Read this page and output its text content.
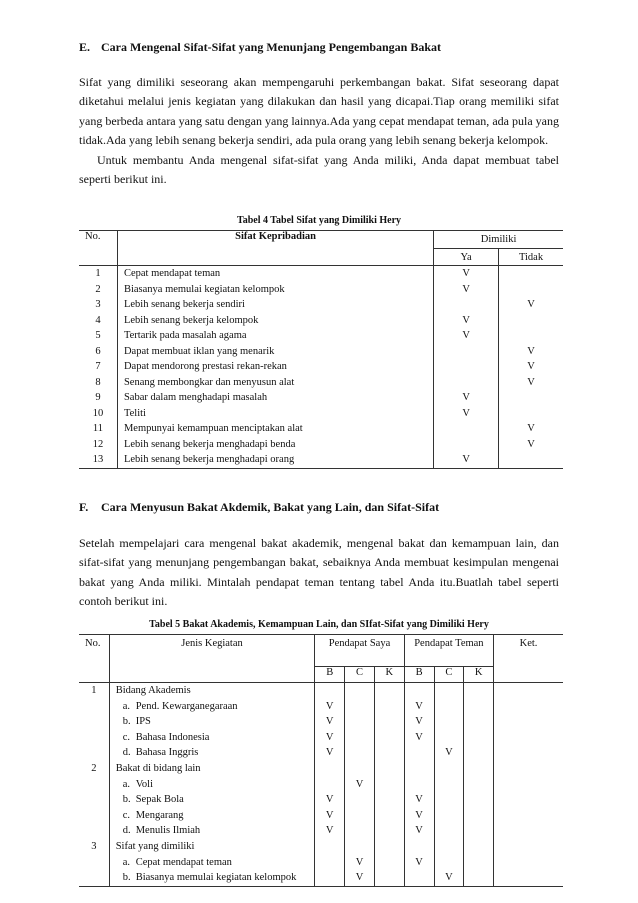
E. Cara Mengenal Sifat-Sifat yang Menunjang Pengembangan Bakat

Sifat yang dimiliki seseorang akan mempengaruhi perkembangan bakat. Sifat seseorang dapat diketahui melalui jenis kegiatan yang dilakukan dan hasil yang dicapai.Tiap orang memiliki sifat yang berbeda antara yang satu dengan yang lainnya.Ada yang cepat mendapat teman, ada pula yang tidak.Ada yang lebih senang bekerja sendiri, ada pula orang yang lebih senang bekerja kelompok.

Untuk membantu Anda mengenal sifat-sifat yang Anda miliki, Anda dapat membuat tabel seperti berikut ini.

Tabel 4 Tabel Sifat yang Dimiliki Hery
No.	Sifat Kepribadian	Dimiliki	
		Ya	Tidak
1	Cepat mendapat teman	V	
2	Biasanya memulai kegiatan kelompok	V	
3	Lebih senang bekerja sendiri		V
4	Lebih senang bekerja kelompok	V	
5	Tertarik pada masalah agama	V	
6	Dapat membuat iklan yang menarik		V
7	Dapat mendorong prestasi rekan-rekan		V
8	Senang membongkar dan menyusun alat		V
9	Sabar dalam menghadapi masalah	V	
10	Teliti	V	
11	Mempunyai kemampuan menciptakan alat		V
12	Lebih senang bekerja menghadapi benda		V
13	Lebih senang bekerja menghadapi orang	V	
F. Cara Menyusun Bakat Akdemik, Bakat yang Lain, dan Sifat-Sifat

Setelah mempelajari cara mengenal bakat akademik, mengenal bakat dan kemampuan lain, dan sifat-sifat yang menunjang pengembangan bakat, sebaiknya Anda membuat kesimpulan mengenai bakat yang Anda miliki. Mintalah pendapat teman tentang tabel Anda itu.Buatlah tabel seperti contoh berikut ini.

Tabel 5 Bakat Akademis, Kemampuan Lain, dan SIfat-Sifat yang Dimiliki Hery
No.	Jenis Kegiatan	Pendapat Saya			Pendapat Teman			Ket.
		B	C	K	B	C	K	
1	Bidang Akademis							
	a. Pend. Kewarganegaraan	V			V			
	b. IPS	V			V			
	c. Bahasa Indonesia	V			V			
	d. Bahasa Inggris	V				V		
2	Bakat di bidang lain							
	a. Voli		V					
	b. Sepak Bola	V			V			
	c. Mengarang	V			V			
	d. Menulis Ilmiah	V			V			
3	Sifat yang dimiliki							
	a. Cepat mendapat teman		V		V			
	b. Biasanya memulai kegiatan kelompok		V			V		
